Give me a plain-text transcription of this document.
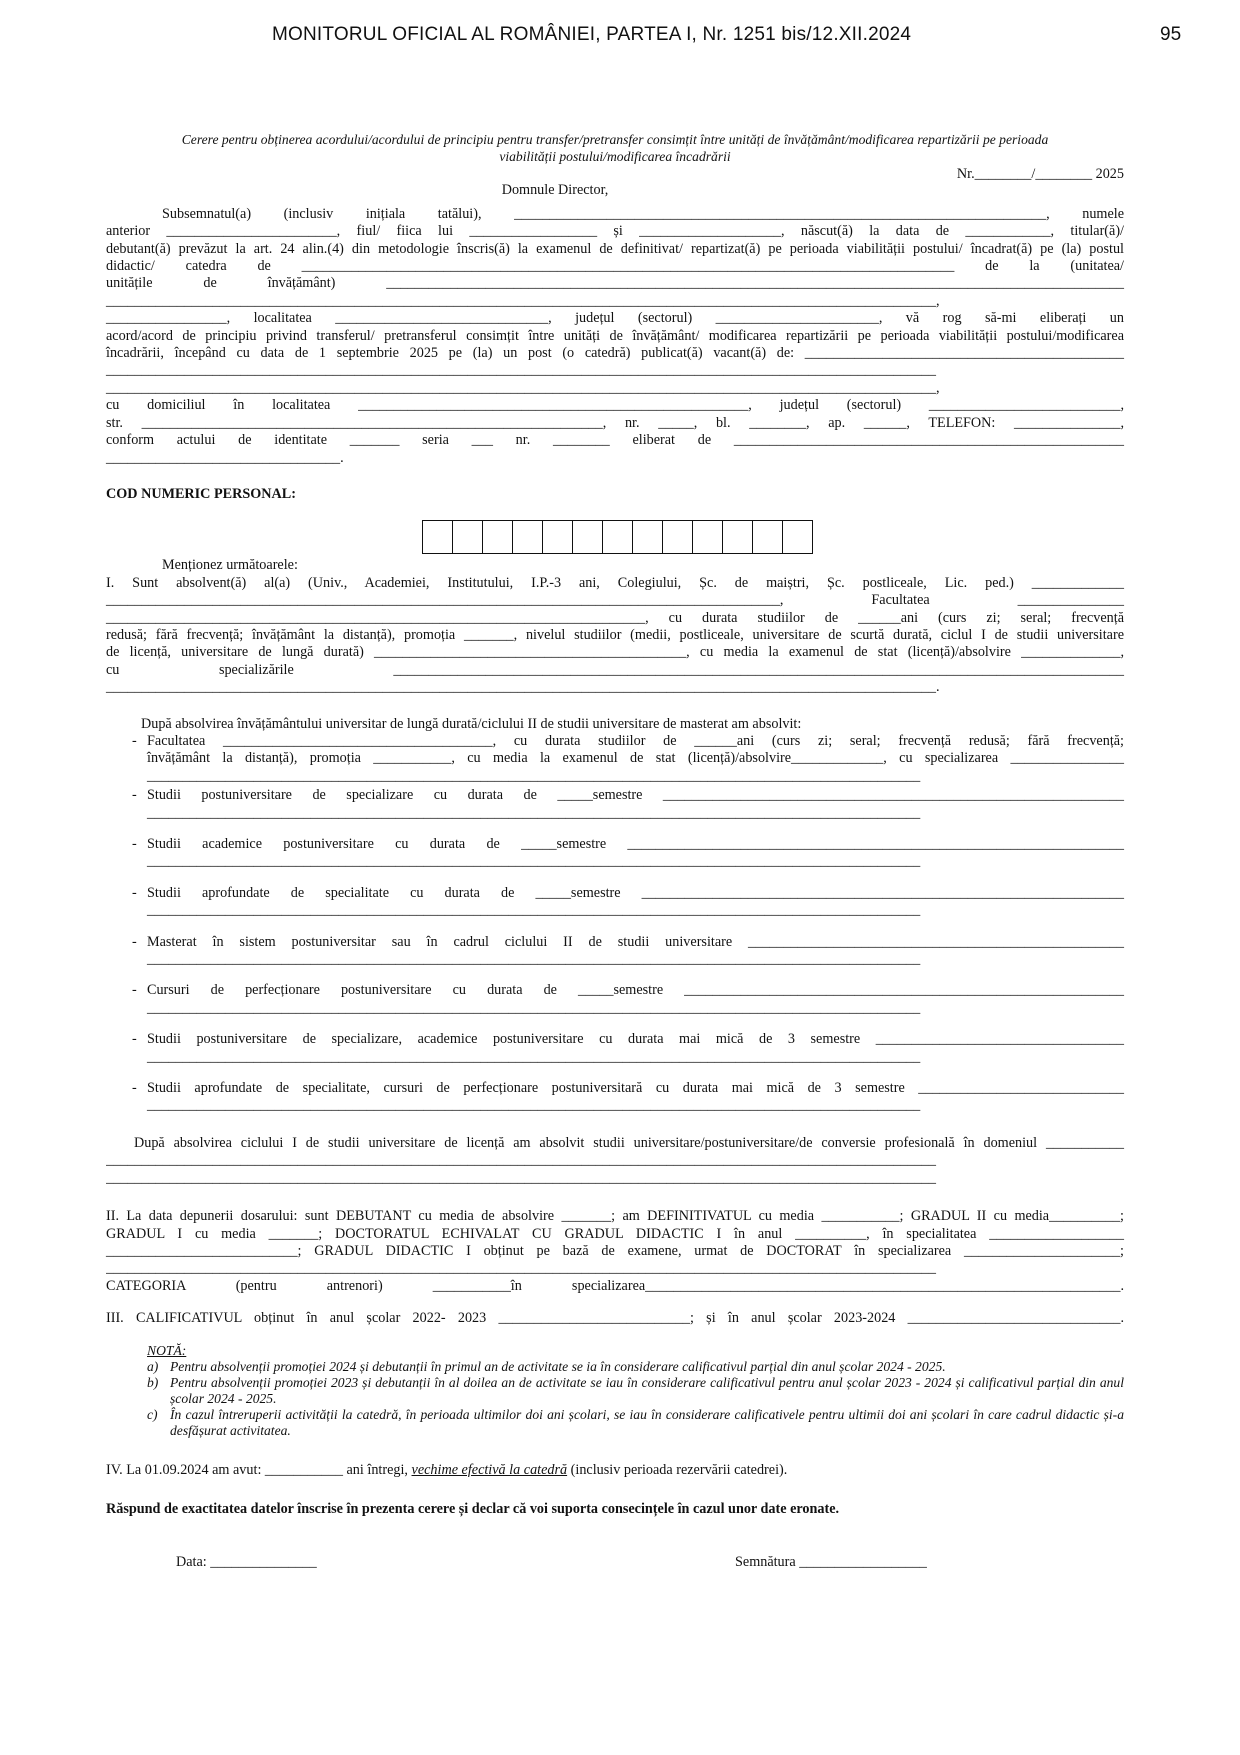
MONITORUL OFICIAL AL ROMÂNIEI, PARTEA I, Nr. 1251 bis/12.XII.2024	95

Cerere pentru obținerea acordului/acordului de principiu pentru transfer/pretransfer consimțit între unități de învățământ/modificarea repartizării pe perioada
viabilității postului/modificarea încadrării

Nr.________/________ 2025

Domnule Director,

Subsemnatul(a) (inclusiv inițiala tatălui), ___________________________________________________________________________, numele

anterior ________________________, fiul/ fiica lui __________________ și ____________________, născut(ă) la data de ____________, titular(ă)/

debutant(ă) prevăzut la art. 24 alin.(4) din metodologie înscris(ă) la examenul de definitivat/ repartizat(ă) pe perioada viabilității postului/ încadrat(ă) pe (la) postul

didactic/ catedra de ____________________________________________________________________________________________ de la (unitatea/

unitățile de învățământ) ________________________________________________________________________________________________________

_____________________________________________________________________________________________________________________,

_________________, localitatea ______________________________, județul (sectorul) _______________________, vă rog să-mi eliberați un

acord/acord de principiu privind transferul/ pretransferul consimțit între unități de învățământ/ modificarea repartizării pe perioada viabilității postului/modificarea

încadrării, începând cu data de 1 septembrie 2025 pe (la) un post (o catedră) publicat(ă) vacant(ă) de: _____________________________________________

_____________________________________________________________________________________________________________________

_____________________________________________________________________________________________________________________,

cu domiciliul în localitatea _______________________________________________________, județul (sectorul) ___________________________,

str. _________________________________________________________________, nr. _____, bl. ________, ap. ______, TELEFON: _______________,

conform actului de identitate _______ seria ___ nr. ________ eliberat de _______________________________________________________

_________________________________.

COD NUMERIC PERSONAL:

Menționez următoarele:

I. Sunt absolvent(ă) al(a) (Univ., Academiei, Institutului, I.P.-3 ani, Colegiului, Șc. de maiștri, Șc. postliceale, Lic. ped.) _____________

_______________________________________________________________________________________________, Facultatea _______________

____________________________________________________________________________, cu durata studiilor de ______ani (curs zi; seral; frecvență

redusă; fără frecvență; învățământ la distanță), promoția _______, nivelul studiilor (medii, postliceale, universitare de scurtă durată, ciclul I de studii universitare

de licență, universitare de lungă durată) ____________________________________________, cu media la examenul de stat (licență)/absolvire ______________,

cu specializările _______________________________________________________________________________________________________

_____________________________________________________________________________________________________________________.

După absolvirea învățământului universitar de lungă durată/ciclului II de studii universitare de masterat am absolvit:

- Facultatea ______________________________________, cu durata studiilor de ______ani (curs zi; seral; frecvență redusă; fără frecvență;

învățământ la distanță), promoția ___________, cu media la examenul de stat (licență)/absolvire_____________, cu specializarea ________________

_____________________________________________________________________________________________________________

- Studii postuniversitare de specializare cu durata de _____semestre _________________________________________________________________

_____________________________________________________________________________________________________________

- Studii academice postuniversitare cu durata de _____semestre ______________________________________________________________________

_____________________________________________________________________________________________________________

- Studii aprofundate de specialitate cu durata de _____semestre ____________________________________________________________________

_____________________________________________________________________________________________________________

- Masterat în sistem postuniversitar sau în cadrul ciclului II de studii universitare _____________________________________________________

_____________________________________________________________________________________________________________

- Cursuri de perfecționare postuniversitare cu durata de _____semestre ______________________________________________________________

_____________________________________________________________________________________________________________

- Studii postuniversitare de specializare, academice postuniversitare cu durata mai mică de 3 semestre ___________________________________

_____________________________________________________________________________________________________________

- Studii aprofundate de specialitate, cursuri de perfecționare postuniversitară cu durata mai mică de 3 semestre _____________________________

_____________________________________________________________________________________________________________

După absolvirea ciclului I de studii universitare de licență am absolvit studii universitare/postuniversitare/de conversie profesională în domeniul ___________

_____________________________________________________________________________________________________________________

_____________________________________________________________________________________________________________________

II. La data depunerii dosarului: sunt DEBUTANT cu media de absolvire _______; am DEFINITIVATUL cu media ___________; GRADUL II cu media__________;

GRADUL I cu media _______; DOCTORATUL ECHIVALAT CU GRADUL DIDACTIC I în anul __________, în specialitatea ___________________

___________________________; GRADUL DIDACTIC I obținut pe bază de examene, urmat de DOCTORAT în specializarea ______________________;

_____________________________________________________________________________________________________________________

CATEGORIA (pentru antrenori) ___________în specializarea___________________________________________________________________.

III. CALIFICATIVUL obținut în anul școlar 2022- 2023 ___________________________; și în anul școlar 2023-2024 ______________________________.

NOTĂ:

a) Pentru absolvenții promoției 2024 și debutanții în primul an de activitate se ia în considerare calificativul parțial din anul școlar 2024 - 2025.
b) Pentru absolvenții promoției 2023 și debutanții în al doilea an de activitate se iau în considerare calificativul pentru anul școlar 2023 - 2024 și calificativul parțial din anul școlar 2024 - 2025.
c) În cazul întreruperii activității la catedră, în perioada ultimilor doi ani școlari, se iau în considerare calificativele pentru ultimii doi ani școlari în care cadrul didactic și-a desfășurat activitatea.

IV. La 01.09.2024 am avut: ___________ ani întregi, vechime efectivă la catedră (inclusiv perioada rezervării catedrei).

Răspund de exactitatea datelor înscrise în prezenta cerere și declar că voi suporta consecințele în cazul unor date eronate.

Data: _______________	Semnătura __________________
